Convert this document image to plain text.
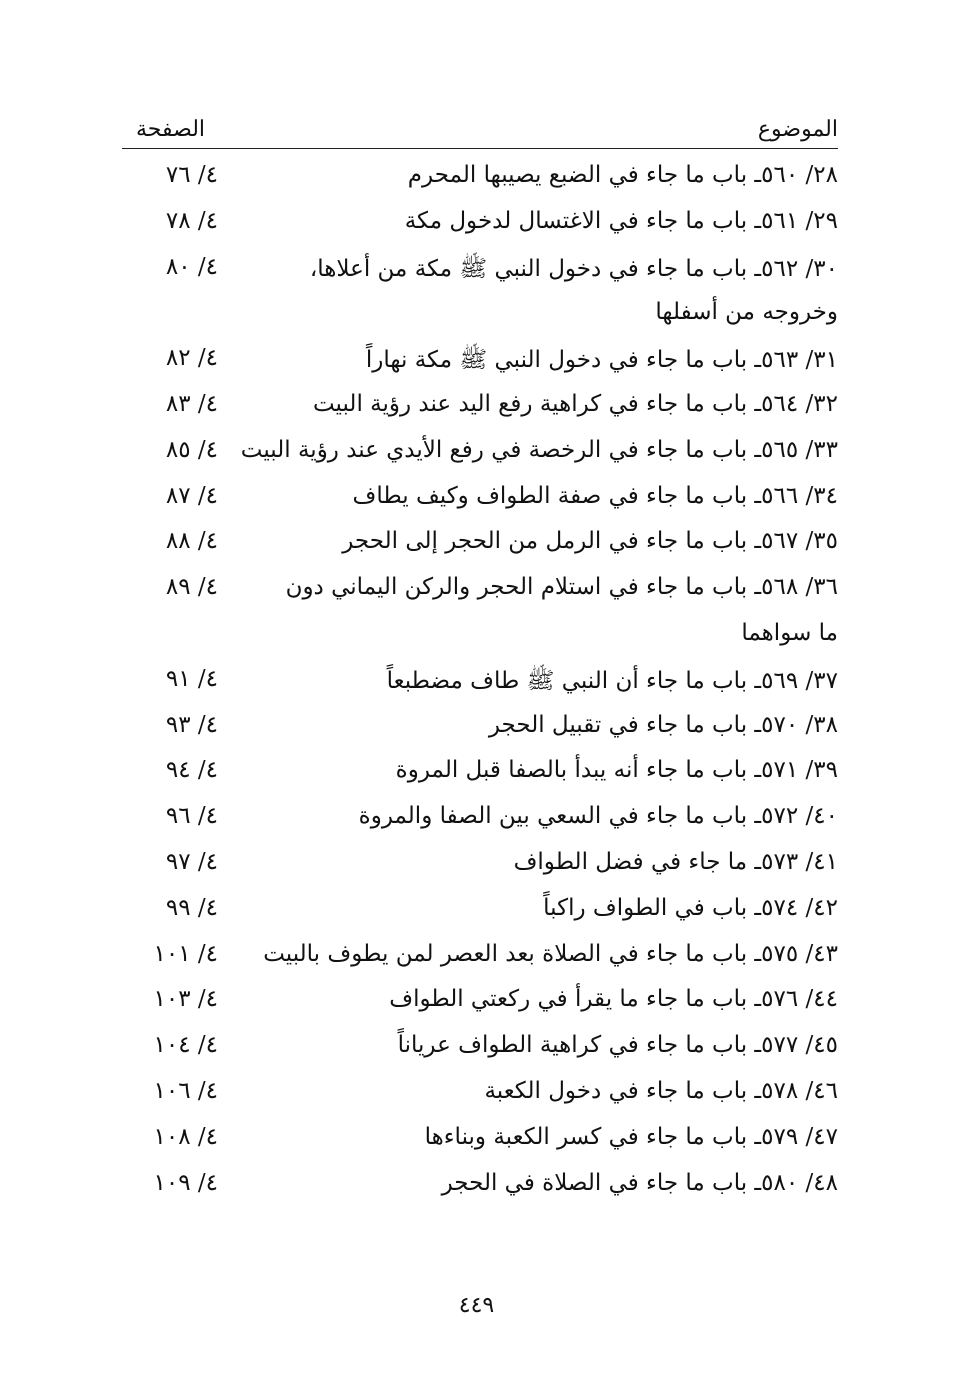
الموضوع
الصفحة
٢٨/ ٥٦٠ـ باب ما جاء في الضبع يصيبها المحرم
٤/ ٧٦
٢٩/ ٥٦١ـ باب ما جاء في الاغتسال لدخول مكة
٤/ ٧٨
٣٠/ ٥٦٢ـ باب ما جاء في دخول النبي ﷺ مكة من أعلاها،
٤/ ٨٠
وخروجه من أسفلها
٣١/ ٥٦٣ـ باب ما جاء في دخول النبي ﷺ مكة نهاراً
٤/ ٨٢
٣٢/ ٥٦٤ـ باب ما جاء في كراهية رفع اليد عند رؤية البيت
٤/ ٨٣
٣٣/ ٥٦٥ـ باب ما جاء في الرخصة في رفع الأيدي عند رؤية البيت
٤/ ٨٥
٣٤/ ٥٦٦ـ باب ما جاء في صفة الطواف وكيف يطاف
٤/ ٨٧
٣٥/ ٥٦٧ـ باب ما جاء في الرمل من الحجر إلى الحجر
٤/ ٨٨
٣٦/ ٥٦٨ـ باب ما جاء في استلام الحجر والركن اليماني دون
٤/ ٨٩
ما سواهما
٣٧/ ٥٦٩ـ باب ما جاء أن النبي ﷺ طاف مضطبعاً
٤/ ٩١
٣٨/ ٥٧٠ـ باب ما جاء في تقبيل الحجر
٤/ ٩٣
٣٩/ ٥٧١ـ باب ما جاء أنه يبدأ بالصفا قبل المروة
٤/ ٩٤
٤٠/ ٥٧٢ـ باب ما جاء في السعي بين الصفا والمروة
٤/ ٩٦
٤١/ ٥٧٣ـ ما جاء في فضل الطواف
٤/ ٩٧
٤٢/ ٥٧٤ـ باب في الطواف راكباً
٤/ ٩٩
٤٣/ ٥٧٥ـ باب ما جاء في الصلاة بعد العصر لمن يطوف بالبيت
٤/ ١٠١
٤٤/ ٥٧٦ـ باب ما جاء ما يقرأ في ركعتي الطواف
٤/ ١٠٣
٤٥/ ٥٧٧ـ باب ما جاء في كراهية الطواف عرياناً
٤/ ١٠٤
٤٦/ ٥٧٨ـ باب ما جاء في دخول الكعبة
٤/ ١٠٦
٤٧/ ٥٧٩ـ باب ما جاء في كسر الكعبة وبناءها
٤/ ١٠٨
٤٨/ ٥٨٠ـ باب ما جاء في الصلاة في الحجر
٤/ ١٠٩
٤٤٩
